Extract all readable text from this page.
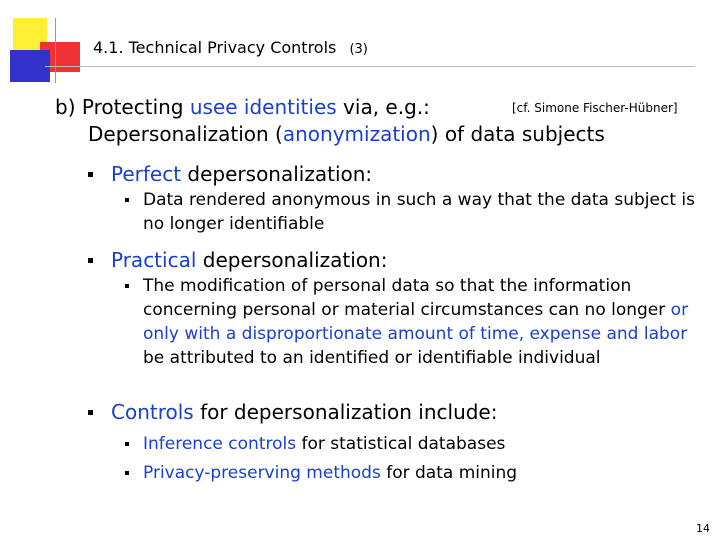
4.1. Technical Privacy Controls (3)
b) Protecting usee identities via, e.g.:
Depersonalization (anonymization) of data subjects
[cf. Simone Fischer-Hübner]
Perfect depersonalization:
Data rendered anonymous in such a way that the data subject is
no longer identifiable
Practical depersonalization:
The modification of personal data so that the information
concerning personal or material circumstances can no longer or
only with a disproportionate amount of time, expense and labor
be attributed to an identified or identifiable individual
Controls for depersonalization include:
Inference controls for statistical databases
Privacy-preserving methods for data mining
14
